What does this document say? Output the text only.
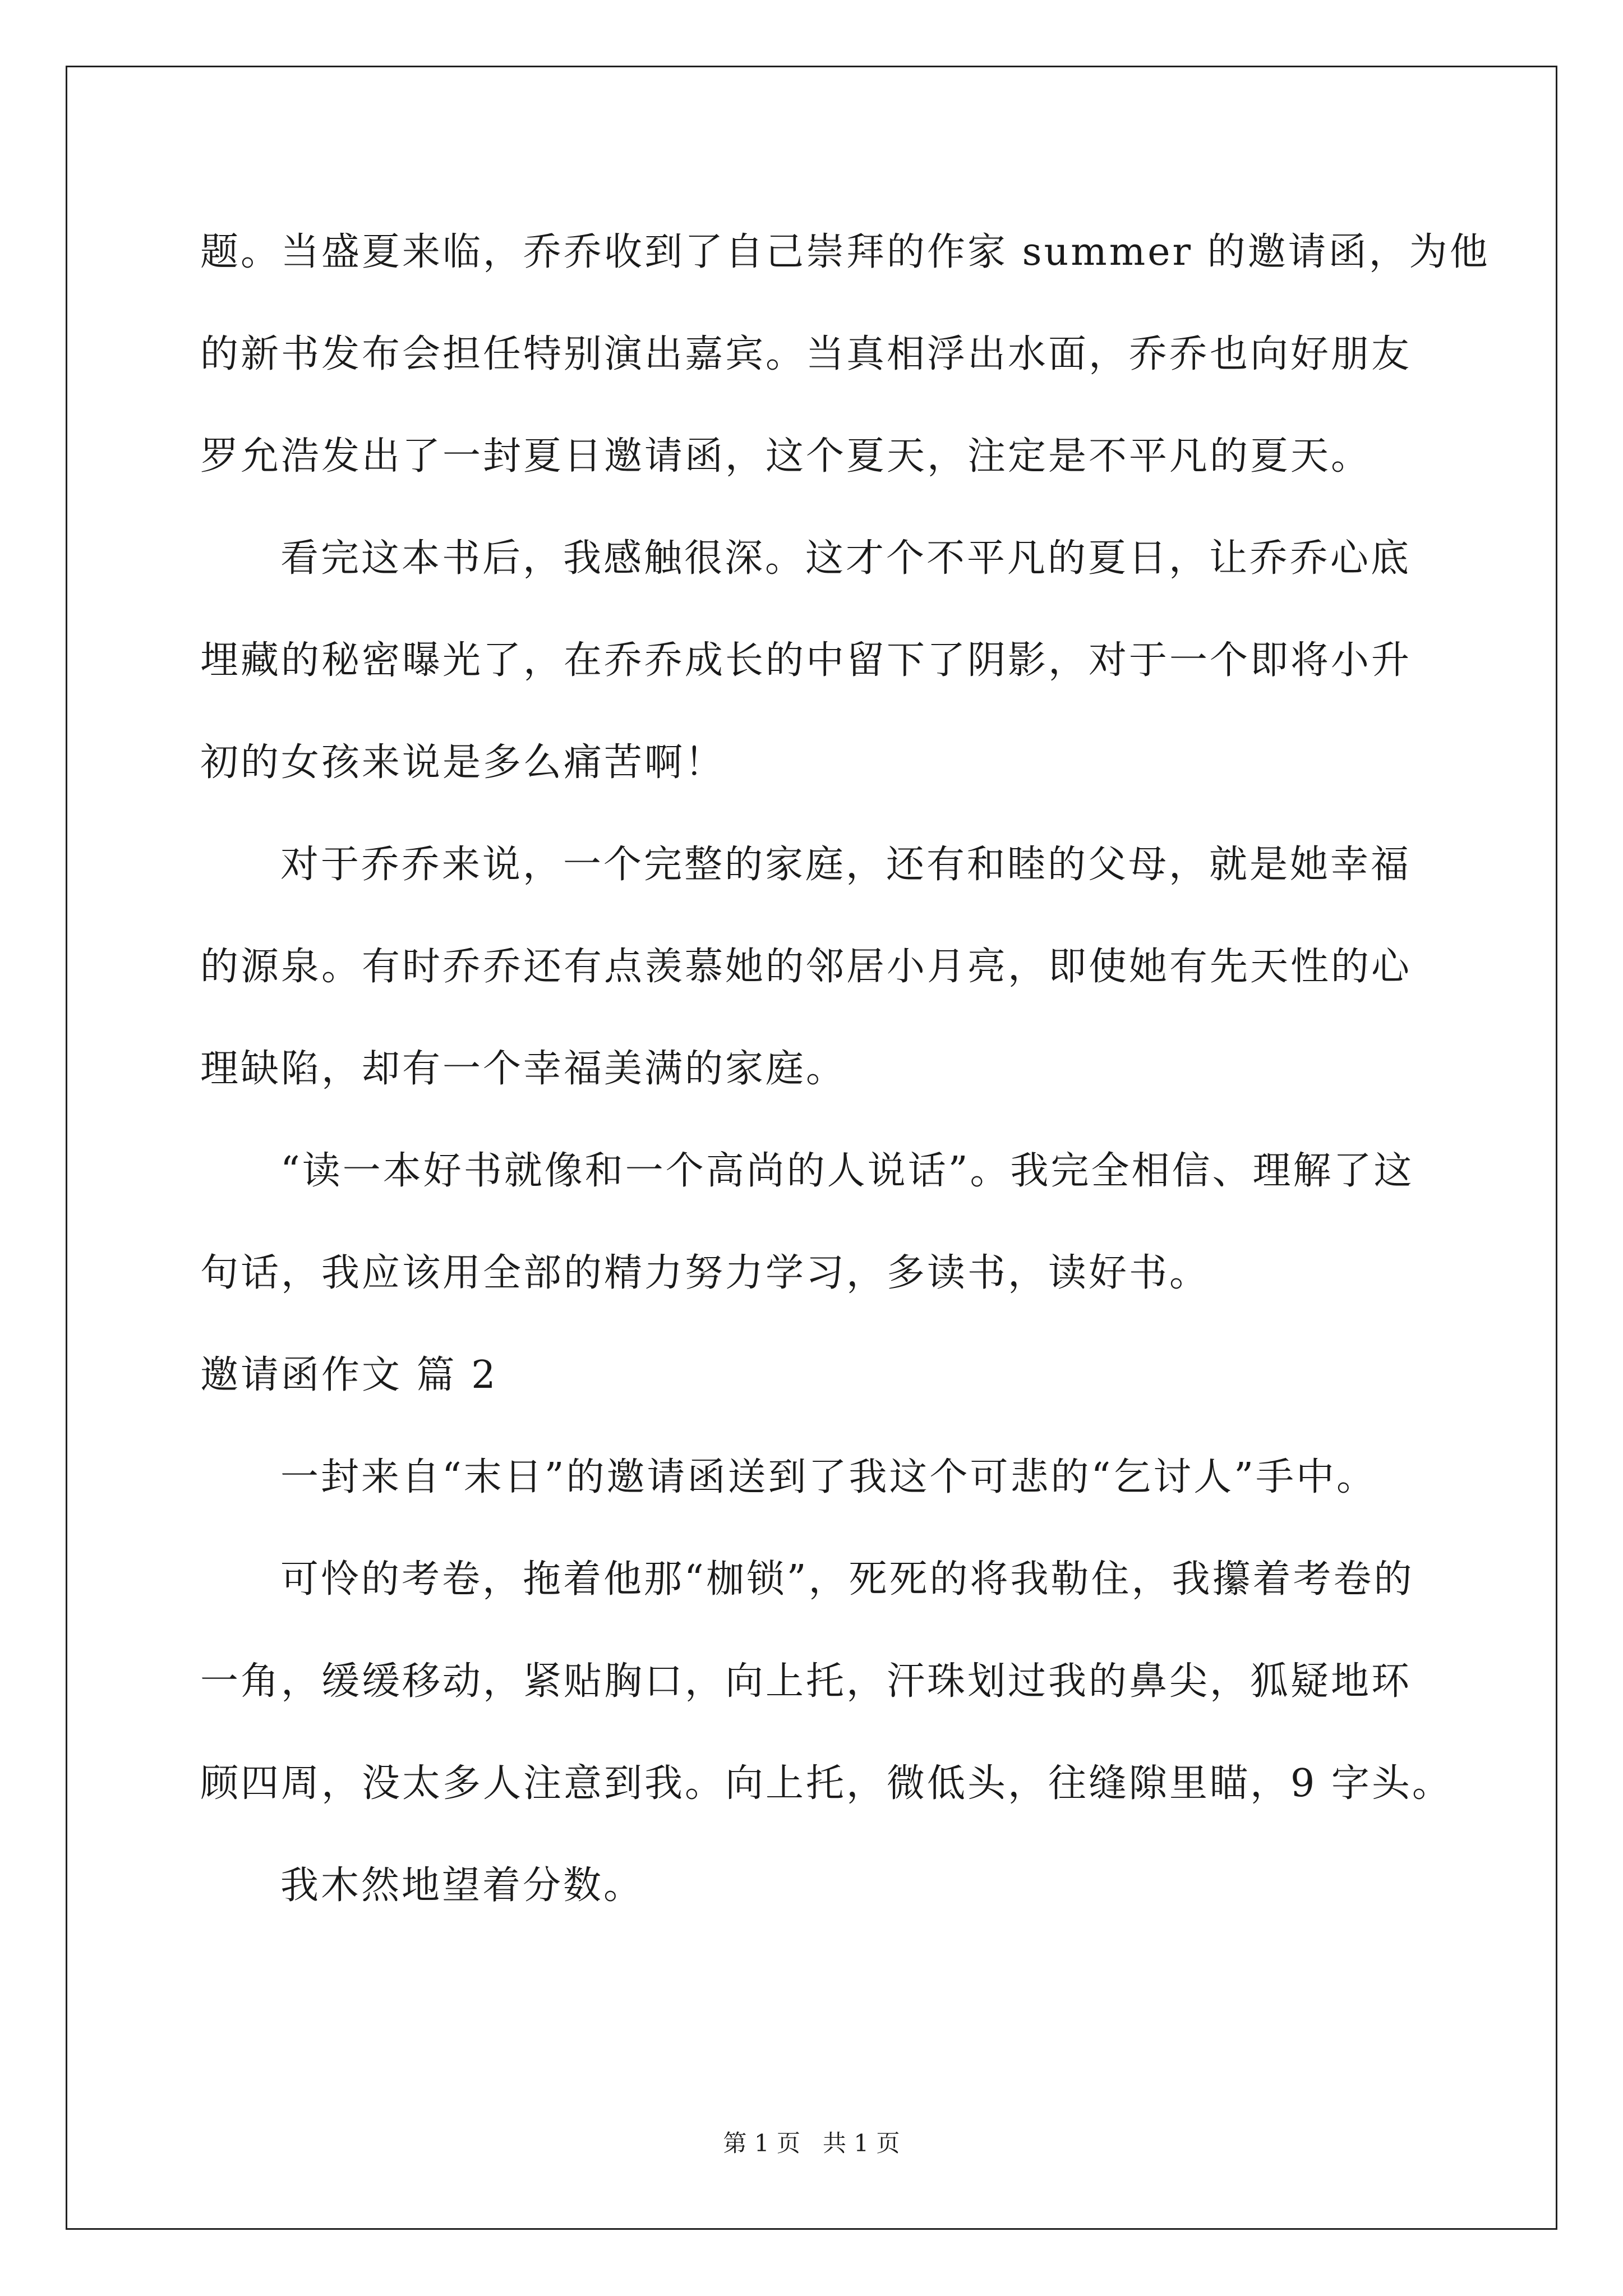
题。当盛夏来临，乔乔收到了自己崇拜的作家 summer 的邀请函，为他
的新书发布会担任特别演出嘉宾。当真相浮出水面，乔乔也向好朋友
罗允浩发出了一封夏日邀请函，这个夏天，注定是不平凡的夏天。
看完这本书后，我感触很深。这才个不平凡的夏日，让乔乔心底
埋藏的秘密曝光了，在乔乔成长的中留下了阴影，对于一个即将小升
初的女孩来说是多么痛苦啊！
对于乔乔来说，一个完整的家庭，还有和睦的父母，就是她幸福
的源泉。有时乔乔还有点羡慕她的邻居小月亮，即使她有先天性的心
理缺陷，却有一个幸福美满的家庭。
“读一本好书就像和一个高尚的人说话”。我完全相信、理解了这
句话，我应该用全部的精力努力学习，多读书，读好书。
邀请函作文 篇 2
一封来自“末日”的邀请函送到了我这个可悲的“乞讨人”手中。
可怜的考卷，拖着他那“枷锁”，死死的将我勒住，我攥着考卷的
一角，缓缓移动，紧贴胸口，向上托，汗珠划过我的鼻尖，狐疑地环
顾四周，没太多人注意到我。向上托，微低头，往缝隙里瞄，9 字头。
我木然地望着分数。
第 1 页   共 1 页
